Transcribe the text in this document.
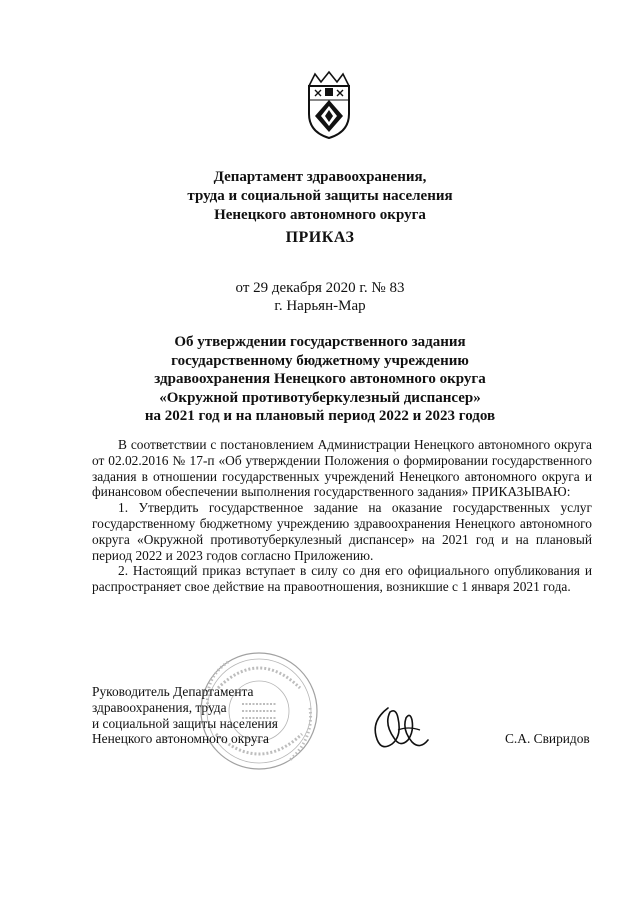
Департамент здравоохранения,
труда и социальной защиты населения
Ненецкого автономного округа
ПРИКАЗ
от 29 декабря 2020 г. № 83
г. Нарьян-Мар
Об утверждении государственного задания
государственному бюджетному учреждению
здравоохранения Ненецкого автономного округа
«Окружной противотуберкулезный диспансер»
на 2021 год и на плановый период 2022 и 2023 годов

В соответствии с постановлением Администрации Ненецкого автономного округа от 02.02.2016 № 17-п «Об утверждении Положения о формировании государственного задания в отношении государственных учреждений Ненецкого автономного округа и финансовом обеспечении выполнения государственного задания» ПРИКАЗЫВАЮ:

1. Утвердить государственное задание на оказание государственных услуг государственному бюджетному учреждению здравоохранения Ненецкого автономного округа «Окружной противотуберкулезный диспансер» на 2021 год и на плановый период 2022 и 2023 годов согласно Приложению.

2. Настоящий приказ вступает в силу со дня его официального опубликования и распространяет свое действие на правоотношения, возникшие с 1 января 2021 года.

Руководитель Департамента
здравоохранения, труда
и социальной защиты населения
Ненецкого автономного округа	С.А. Свиридов
